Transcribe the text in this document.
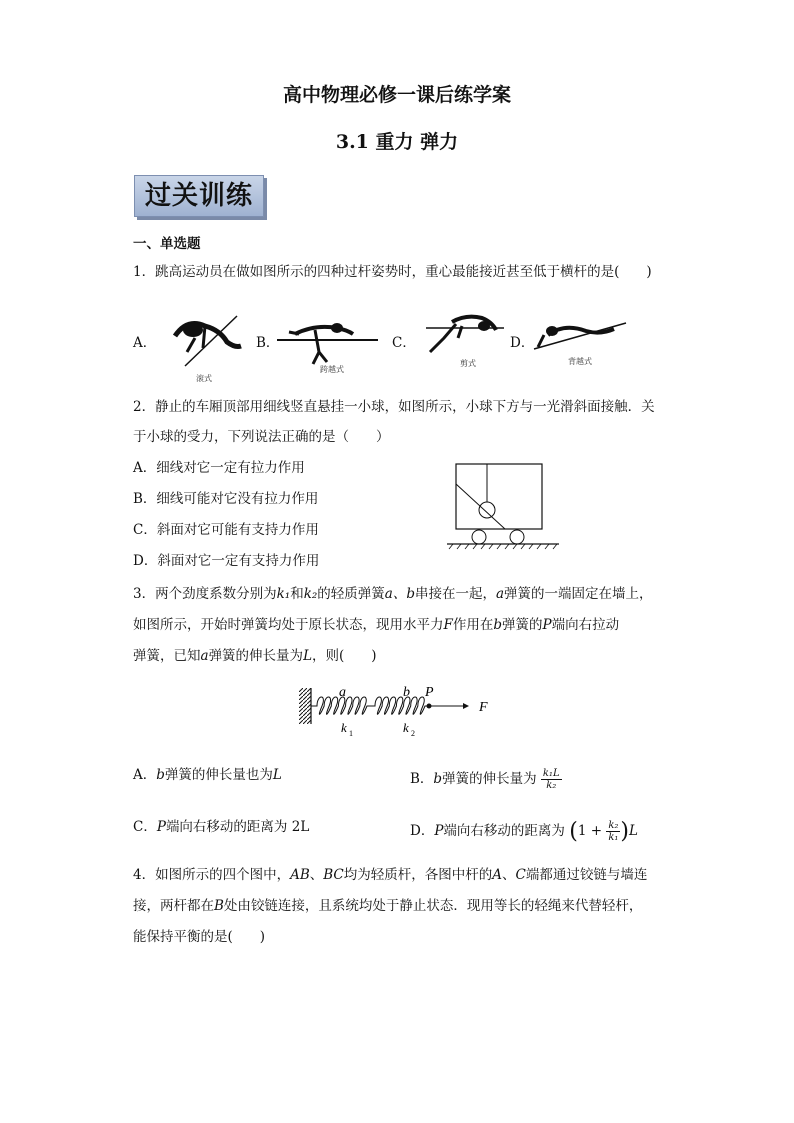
高中物理必修一课后练学案
3.1 重力 弹力
过关训练
一、单选题
1．跳高运动员在做如图所示的四种过杆姿势时，重心最能接近甚至低于横杆的是(　　)
A．	B．	C．	D．
滚式
跨越式
剪式	背越式
2．静止的车厢顶部用细线竖直悬挂一小球，如图所示，小球下方与一光滑斜面接触．关
于小球的受力，下列说法正确的是（　　）
A．细线对它一定有拉力作用
B．细线可能对它没有拉力作用
C．斜面对它可能有支持力作用
D．斜面对它一定有支持力作用
3．两个劲度系数分别为k₁和k₂的轻质弹簧a、b串接在一起，a弹簧的一端固定在墙上，
如图所示，开始时弹簧均处于原长状态，现用水平力F作用在b弹簧的P端向右拉动
弹簧，已知a弹簧的伸长量为L，则(　　)
a	b P
F
k 1	k 2
A．b弹簧的伸长量也为L	B．b弹簧的伸长量为 $\frac{\text{k₁L}}{\text{k₂}}$
C．P端向右移动的距离为 2L	D．P端向右移动的距离为 $(1 + \frac{\text{k₂}}{\text{k₁}} )L$
4．如图所示的四个图中，AB、BC均为轻质杆，各图中杆的A、C端都通过铰链与墙连
接，两杆都在B处由铰链连接，且系统均处于静止状态．现用等长的轻绳来代替轻杆，
能保持平衡的是(　　)
